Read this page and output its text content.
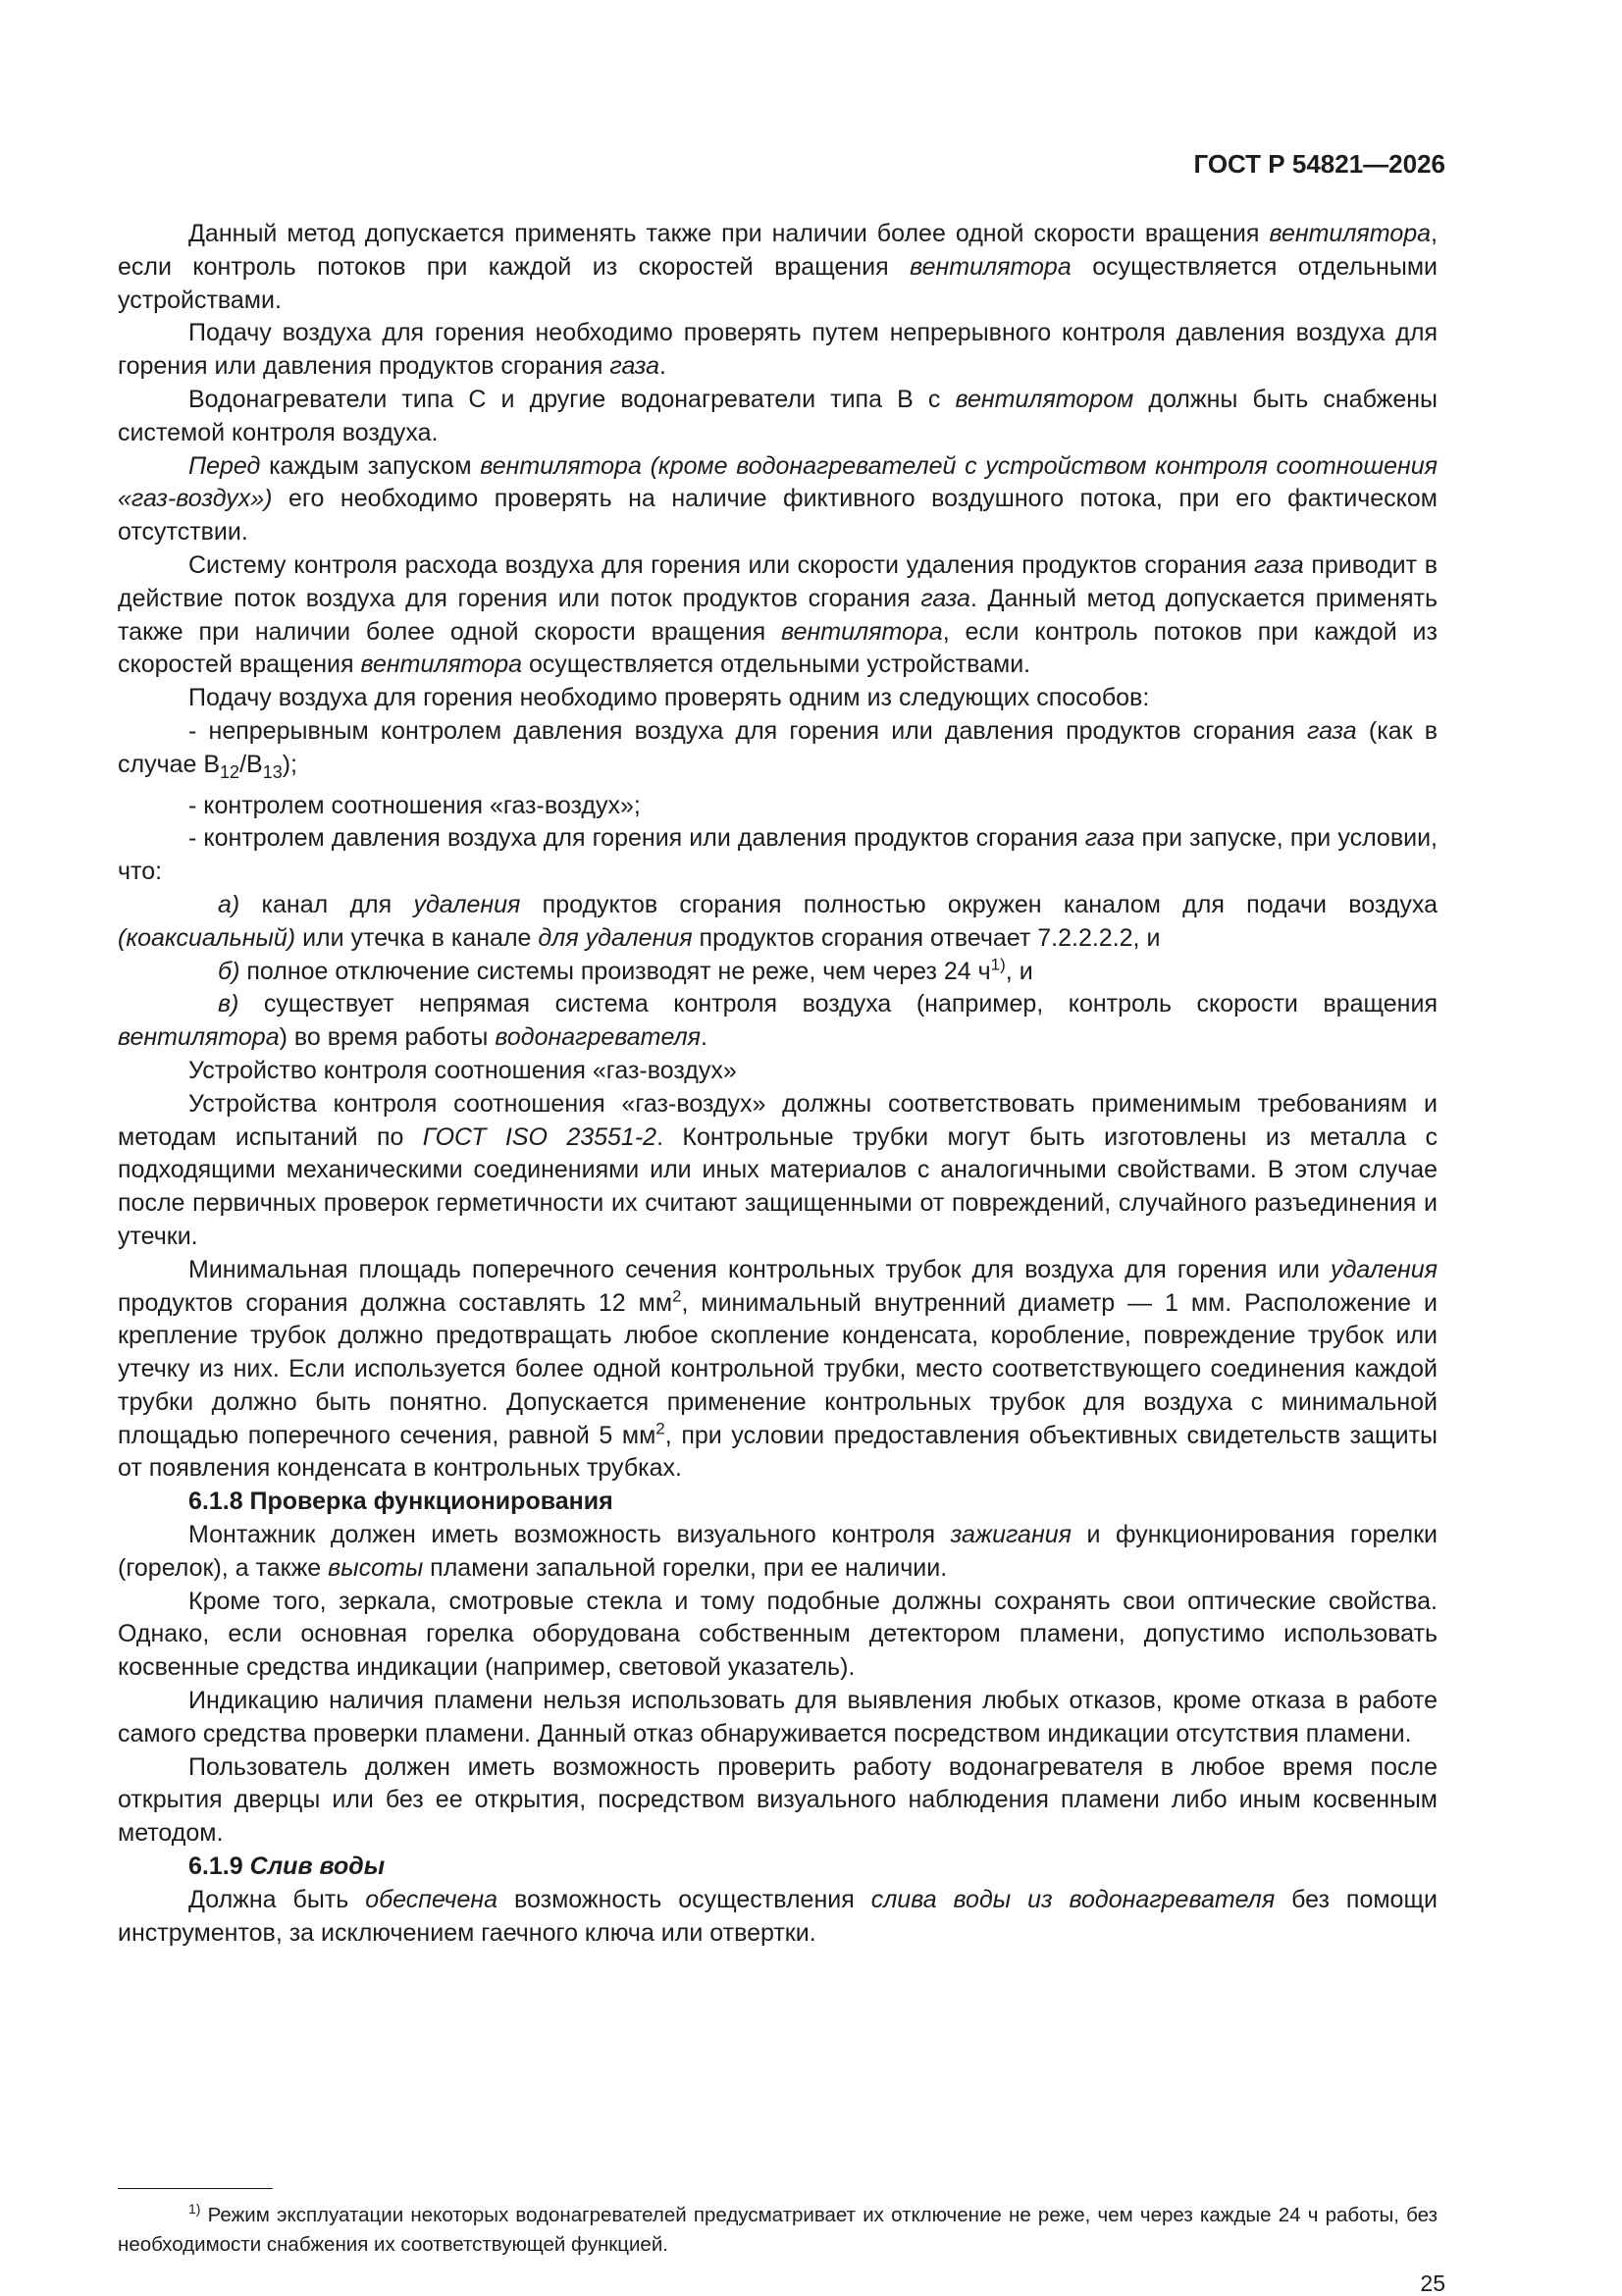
ГОСТ Р 54821—2026

Данный метод допускается применять также при наличии более одной скорости вращения вентилятора, если контроль потоков при каждой из скоростей вращения вентилятора осуществляется отдельными устройствами.

Подачу воздуха для горения необходимо проверять путем непрерывного контроля давления воздуха для горения или давления продуктов сгорания газа.

Водонагреватели типа С и другие водонагреватели типа В с вентилятором должны быть снабжены системой контроля воздуха.

Перед каждым запуском вентилятора (кроме водонагревателей с устройством контроля соотношения «газ-воздух») его необходимо проверять на наличие фиктивного воздушного потока, при его фактическом отсутствии.

Систему контроля расхода воздуха для горения или скорости удаления продуктов сгорания газа приводит в действие поток воздуха для горения или поток продуктов сгорания газа. Данный метод допускается применять также при наличии более одной скорости вращения вентилятора, если контроль потоков при каждой из скоростей вращения вентилятора осуществляется отдельными устройствами.

Подачу воздуха для горения необходимо проверять одним из следующих способов:

- непрерывным контролем давления воздуха для горения или давления продуктов сгорания газа (как в случае $В_{12}/В_{13}$);

- контролем соотношения «газ-воздух»;

- контролем давления воздуха для горения или давления продуктов сгорания газа при запуске, при условии, что:

а) канал для удаления продуктов сгорания полностью окружен каналом для подачи воздуха (коаксиальный) или утечка в канале для удаления продуктов сгорания отвечает 7.2.2.2.2, и

б) полное отключение системы производят не реже, чем через 24 $ч^{1)}$, и

в) существует непрямая система контроля воздуха (например, контроль скорости вращения вентилятора) во время работы водонагревателя.

Устройство контроля соотношения «газ-воздух»

Устройства контроля соотношения «газ-воздух» должны соответствовать применимым требованиям и методам испытаний по ГОСТ ISO 23551-2. Контрольные трубки могут быть изготовлены из металла с подходящими механическими соединениями или иных материалов с аналогичными свойствами. В этом случае после первичных проверок герметичности их считают защищенными от повреждений, случайного разъединения и утечки.

Минимальная площадь поперечного сечения контрольных трубок для воздуха для горения или удаления продуктов сгорания должна составлять 12 $мм^2$, минимальный внутренний диаметр — 1 мм. Расположение и крепление трубок должно предотвращать любое скопление конденсата, коробление, повреждение трубок или утечку из них. Если используется более одной контрольной трубки, место соответствующего соединения каждой трубки должно быть понятно. Допускается применение контрольных трубок для воздуха с минимальной площадью поперечного сечения, равной 5 $мм^2$, при условии предоставления объективных свидетельств защиты от появления конденсата в контрольных трубках.

6.1.8 Проверка функционирования

Монтажник должен иметь возможность визуального контроля зажигания и функционирования горелки (горелок), а также высоты пламени запальной горелки, при ее наличии.

Кроме того, зеркала, смотровые стекла и тому подобные должны сохранять свои оптические свойства. Однако, если основная горелка оборудована собственным детектором пламени, допустимо использовать косвенные средства индикации (например, световой указатель).

Индикацию наличия пламени нельзя использовать для выявления любых отказов, кроме отказа в работе самого средства проверки пламени. Данный отказ обнаруживается посредством индикации отсутствия пламени.

Пользователь должен иметь возможность проверить работу водонагревателя в любое время после открытия дверцы или без ее открытия, посредством визуального наблюдения пламени либо иным косвенным методом.

6.1.9 Слив воды

Должна быть обеспечена возможность осуществления слива воды из водонагревателя без помощи инструментов, за исключением гаечного ключа или отвертки.

$^{1)}$ Режим эксплуатации некоторых водонагревателей предусматривает их отключение не реже, чем через каждые 24 ч работы, без необходимости снабжения их соответствующей функцией.

25
